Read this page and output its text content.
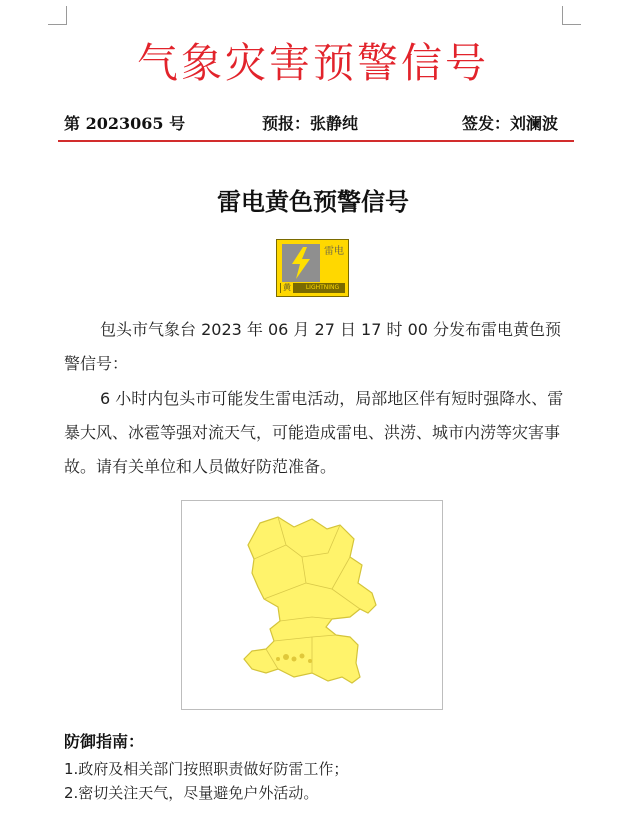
气象灾害预警信号
第 2023065 号	预报：张静纯	签发：刘澜波
雷电黄色预警信号
雷电
黄	LIGHTNING
包头市气象台 2023 年 06 月 27 日 17 时 00 分发布雷电黄色预警信号：
6 小时内包头市可能发生雷电活动，局部地区伴有短时强降水、雷暴大风、冰雹等强对流天气，可能造成雷电、洪涝、城市内涝等灾害事故。请有关单位和人员做好防范准备。
防御指南：
1.政府及相关部门按照职责做好防雷工作；
2.密切关注天气，尽量避免户外活动。
